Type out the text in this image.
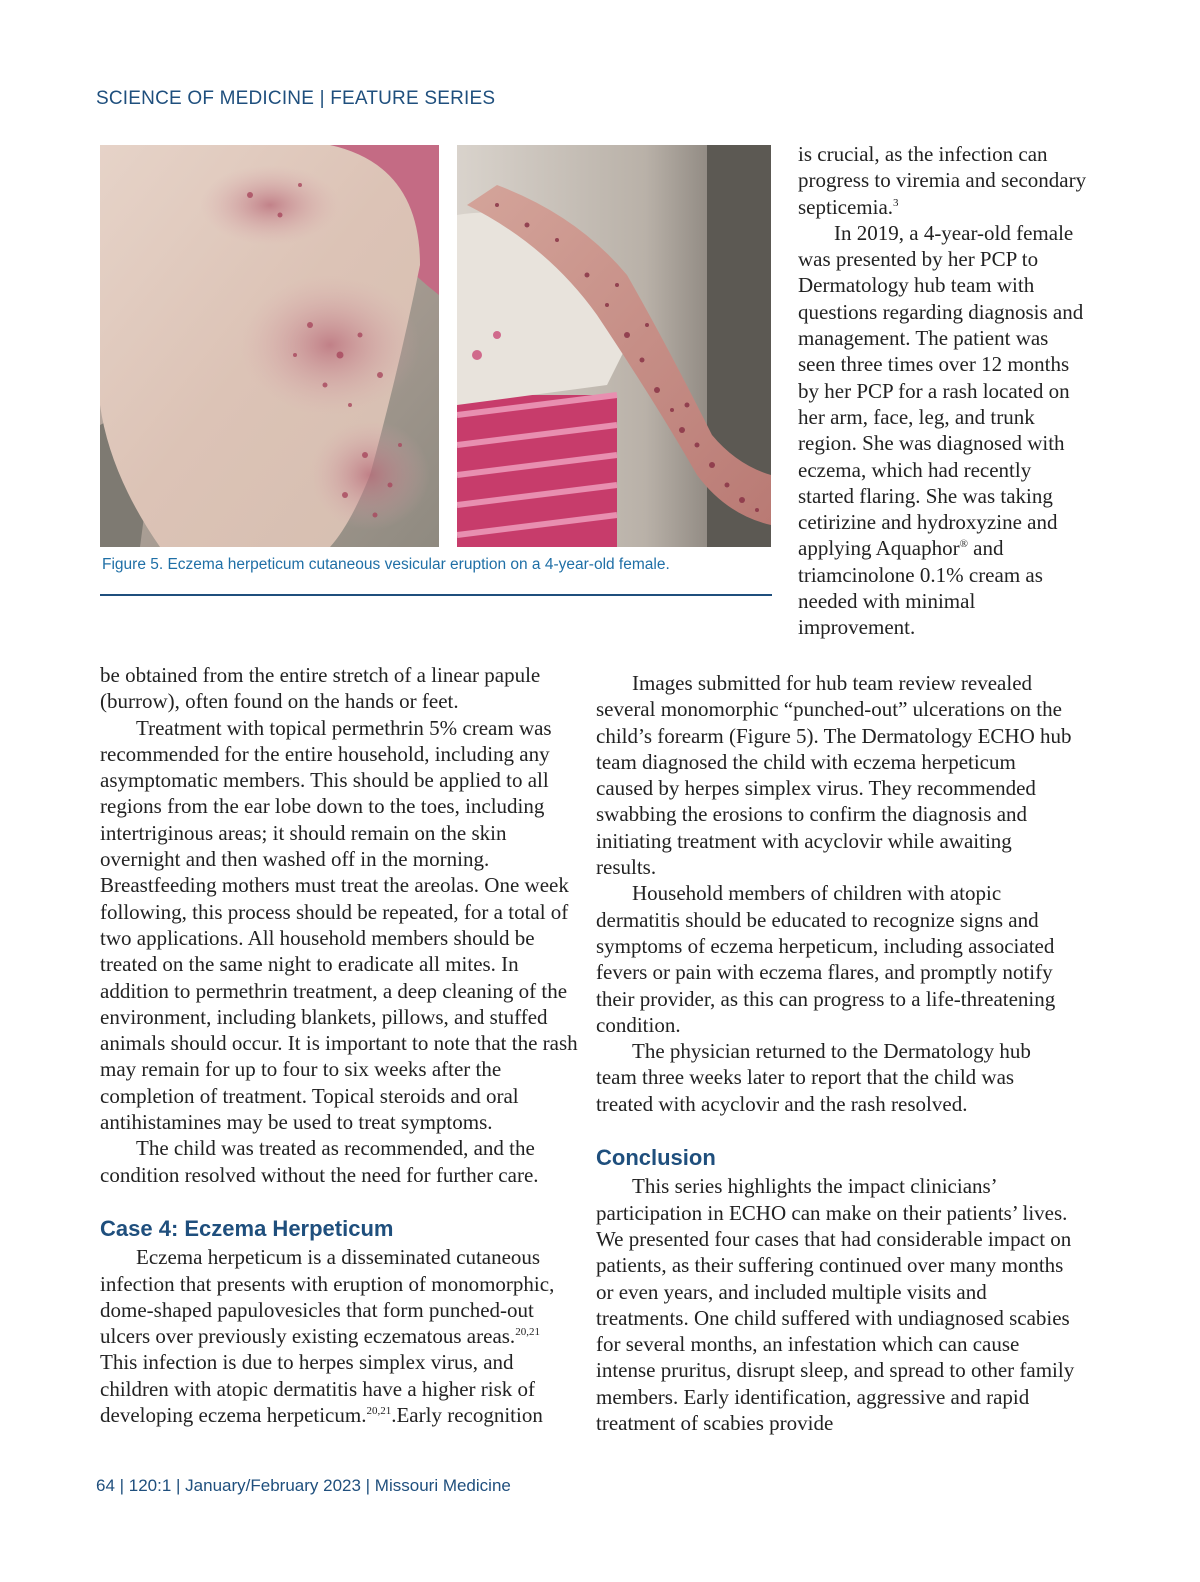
SCIENCE OF MEDICINE | FEATURE SERIES
Figure 5. Eczema herpeticum cutaneous vesicular eruption on a 4-year-old female.

is crucial, as the infection can progress to viremia and secondary septicemia.$^3$

In 2019, a 4-year-old female was presented by her PCP to Dermatology hub team with questions regarding diagnosis and management. The patient was seen three times over 12 months by her PCP for a rash located on her arm, face, leg, and trunk region. She was diagnosed with eczema, which had recently started flaring. She was taking cetirizine and hydroxyzine and applying Aquaphor® and triamcinolone 0.1% cream as needed with minimal improvement.

be obtained from the entire stretch of a linear papule (burrow), often found on the hands or feet.

Treatment with topical permethrin 5% cream was recommended for the entire household, including any asymptomatic members. This should be applied to all regions from the ear lobe down to the toes, including intertriginous areas; it should remain on the skin overnight and then washed off in the morning. Breastfeeding mothers must treat the areolas. One week following, this process should be repeated, for a total of two applications. All household members should be treated on the same night to eradicate all mites. In addition to permethrin treatment, a deep cleaning of the environment, including blankets, pillows, and stuffed animals should occur. It is important to note that the rash may remain for up to four to six weeks after the completion of treatment. Topical steroids and oral antihistamines may be used to treat symptoms.

The child was treated as recommended, and the condition resolved without the need for further care.

Case 4: Eczema Herpeticum

Eczema herpeticum is a disseminated cutaneous infection that presents with eruption of monomorphic, dome-shaped papulovesicles that form punched-out ulcers over previously existing eczematous areas.$^{20,21}$ This infection is due to herpes simplex virus, and children with atopic dermatitis have a higher risk of developing eczema herpeticum.$^{20,21}$.Early recognition

Images submitted for hub team review revealed several monomorphic “punched-out” ulcerations on the child’s forearm (Figure 5). The Dermatology ECHO hub team diagnosed the child with eczema herpeticum caused by herpes simplex virus. They recommended swabbing the erosions to confirm the diagnosis and initiating treatment with acyclovir while awaiting results.

Household members of children with atopic dermatitis should be educated to recognize signs and symptoms of eczema herpeticum, including associated fevers or pain with eczema flares, and promptly notify their provider, as this can progress to a life-threatening condition.

The physician returned to the Dermatology hub team three weeks later to report that the child was treated with acyclovir and the rash resolved.

Conclusion

This series highlights the impact clinicians’ participation in ECHO can make on their patients’ lives. We presented four cases that had considerable impact on patients, as their suffering continued over many months or even years, and included multiple visits and treatments. One child suffered with undiagnosed scabies for several months, an infestation which can cause intense pruritus, disrupt sleep, and spread to other family members. Early identification, aggressive and rapid treatment of scabies provide

64 | 120:1 | January/February 2023 | Missouri Medicine
